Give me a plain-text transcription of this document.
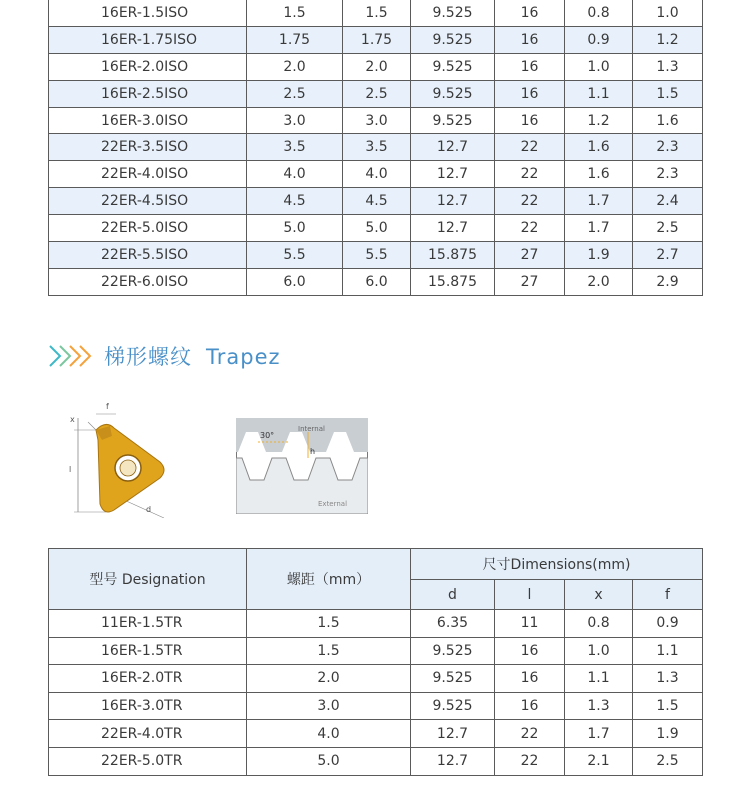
16ER-1.5ISO	1.5	1.5	9.525	16	0.8	1.0
16ER-1.75ISO	1.75	1.75	9.525	16	0.9	1.2
16ER-2.0ISO	2.0	2.0	9.525	16	1.0	1.3
16ER-2.5ISO	2.5	2.5	9.525	16	1.1	1.5
16ER-3.0ISO	3.0	3.0	9.525	16	1.2	1.6
22ER-3.5ISO	3.5	3.5	12.7	22	1.6	2.3
22ER-4.0ISO	4.0	4.0	12.7	22	1.6	2.3
22ER-4.5ISO	4.5	4.5	12.7	22	1.7	2.4
22ER-5.0ISO	5.0	5.0	12.7	22	1.7	2.5
22ER-5.5ISO	5.5	5.5	15.875	27	1.9	2.7
22ER-6.0ISO	6.0	6.0	15.875	27	2.0	2.9
梯形螺纹 Trapez
x
f
l
d
30°
Internal
h
External
型号 Designation	螺距（mm）	尺寸Dimensions(mm)			
		d	l	x	f
11ER-1.5TR	1.5	6.35	11	0.8	0.9
16ER-1.5TR	1.5	9.525	16	1.0	1.1
16ER-2.0TR	2.0	9.525	16	1.1	1.3
16ER-3.0TR	3.0	9.525	16	1.3	1.5
22ER-4.0TR	4.0	12.7	22	1.7	1.9
22ER-5.0TR	5.0	12.7	22	2.1	2.5
